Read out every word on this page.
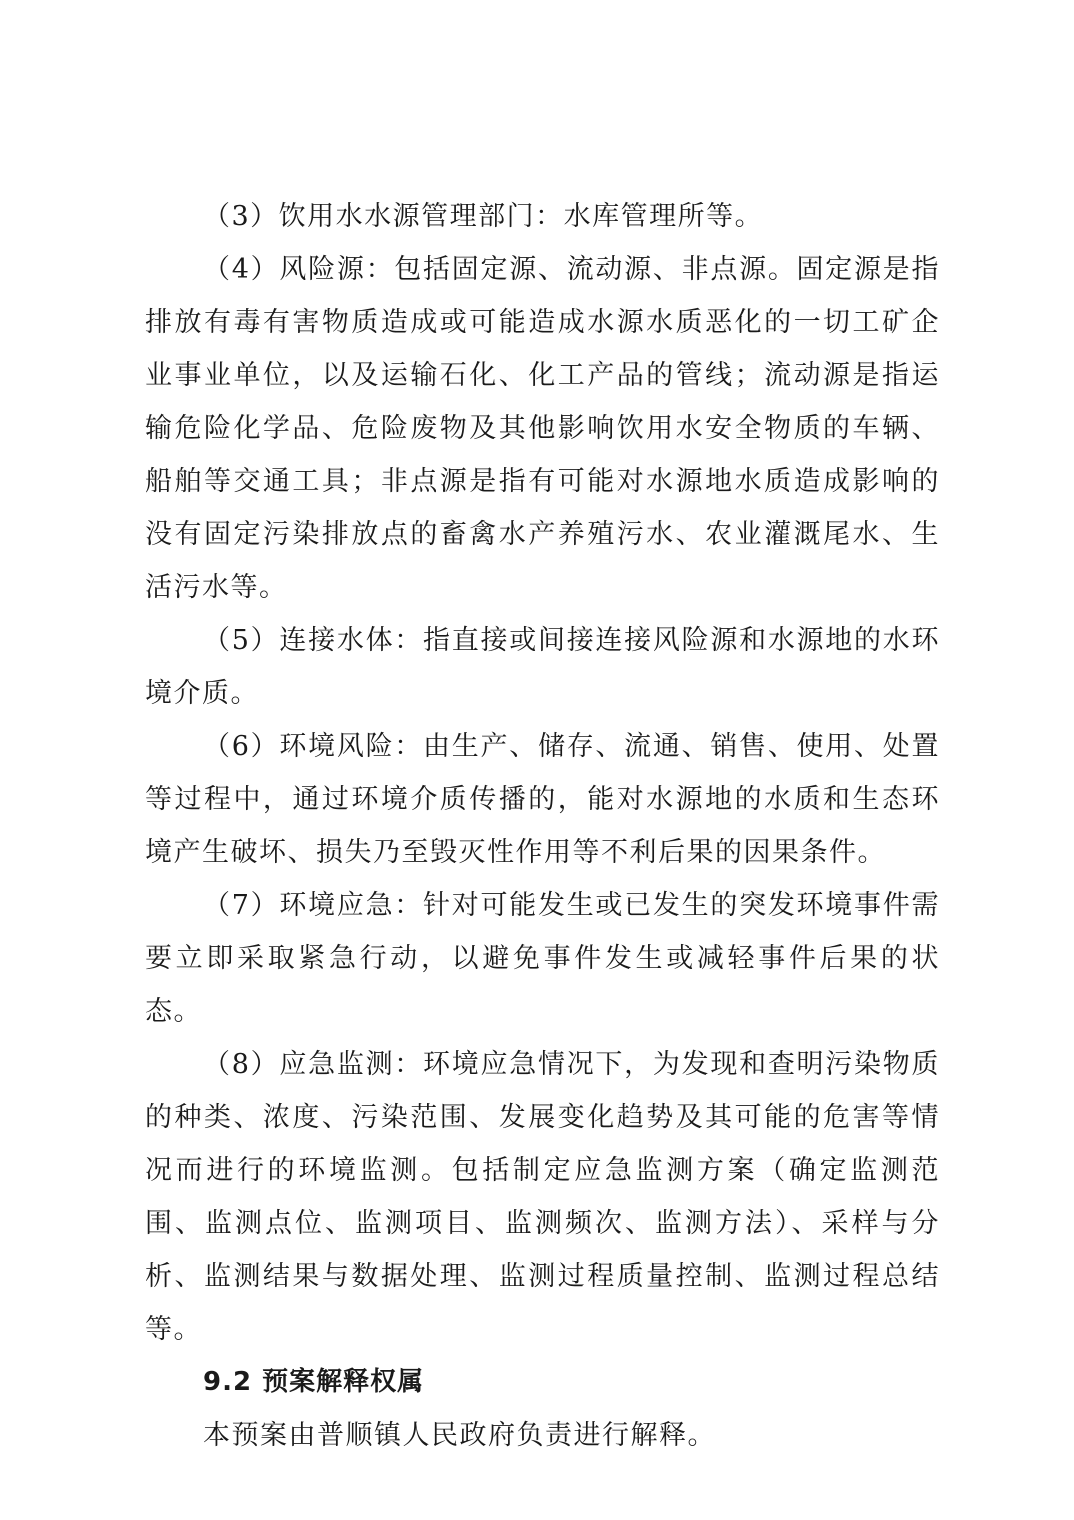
（3）饮用水水源管理部门：水库管理所等。

（4）风险源：包括固定源、流动源、非点源。固定源是指排放有毒有害物质造成或可能造成水源水质恶化的一切工矿企业事业单位，以及运输石化、化工产品的管线；流动源是指运输危险化学品、危险废物及其他影响饮用水安全物质的车辆、船舶等交通工具；非点源是指有可能对水源地水质造成影响的没有固定污染排放点的畜禽水产养殖污水、农业灌溉尾水、生活污水等。

（5）连接水体：指直接或间接连接风险源和水源地的水环境介质。

（6）环境风险：由生产、储存、流通、销售、使用、处置等过程中，通过环境介质传播的，能对水源地的水质和生态环境产生破坏、损失乃至毁灭性作用等不利后果的因果条件。

（7）环境应急：针对可能发生或已发生的突发环境事件需要立即采取紧急行动，以避免事件发生或减轻事件后果的状态。

（8）应急监测：环境应急情况下，为发现和查明污染物质的种类、浓度、污染范围、发展变化趋势及其可能的危害等情况而进行的环境监测。包括制定应急监测方案（确定监测范围、监测点位、监测项目、监测频次、监测方法）、采样与分析、监测结果与数据处理、监测过程质量控制、监测过程总结等。

9.2 预案解释权属

本预案由普顺镇人民政府负责进行解释。
